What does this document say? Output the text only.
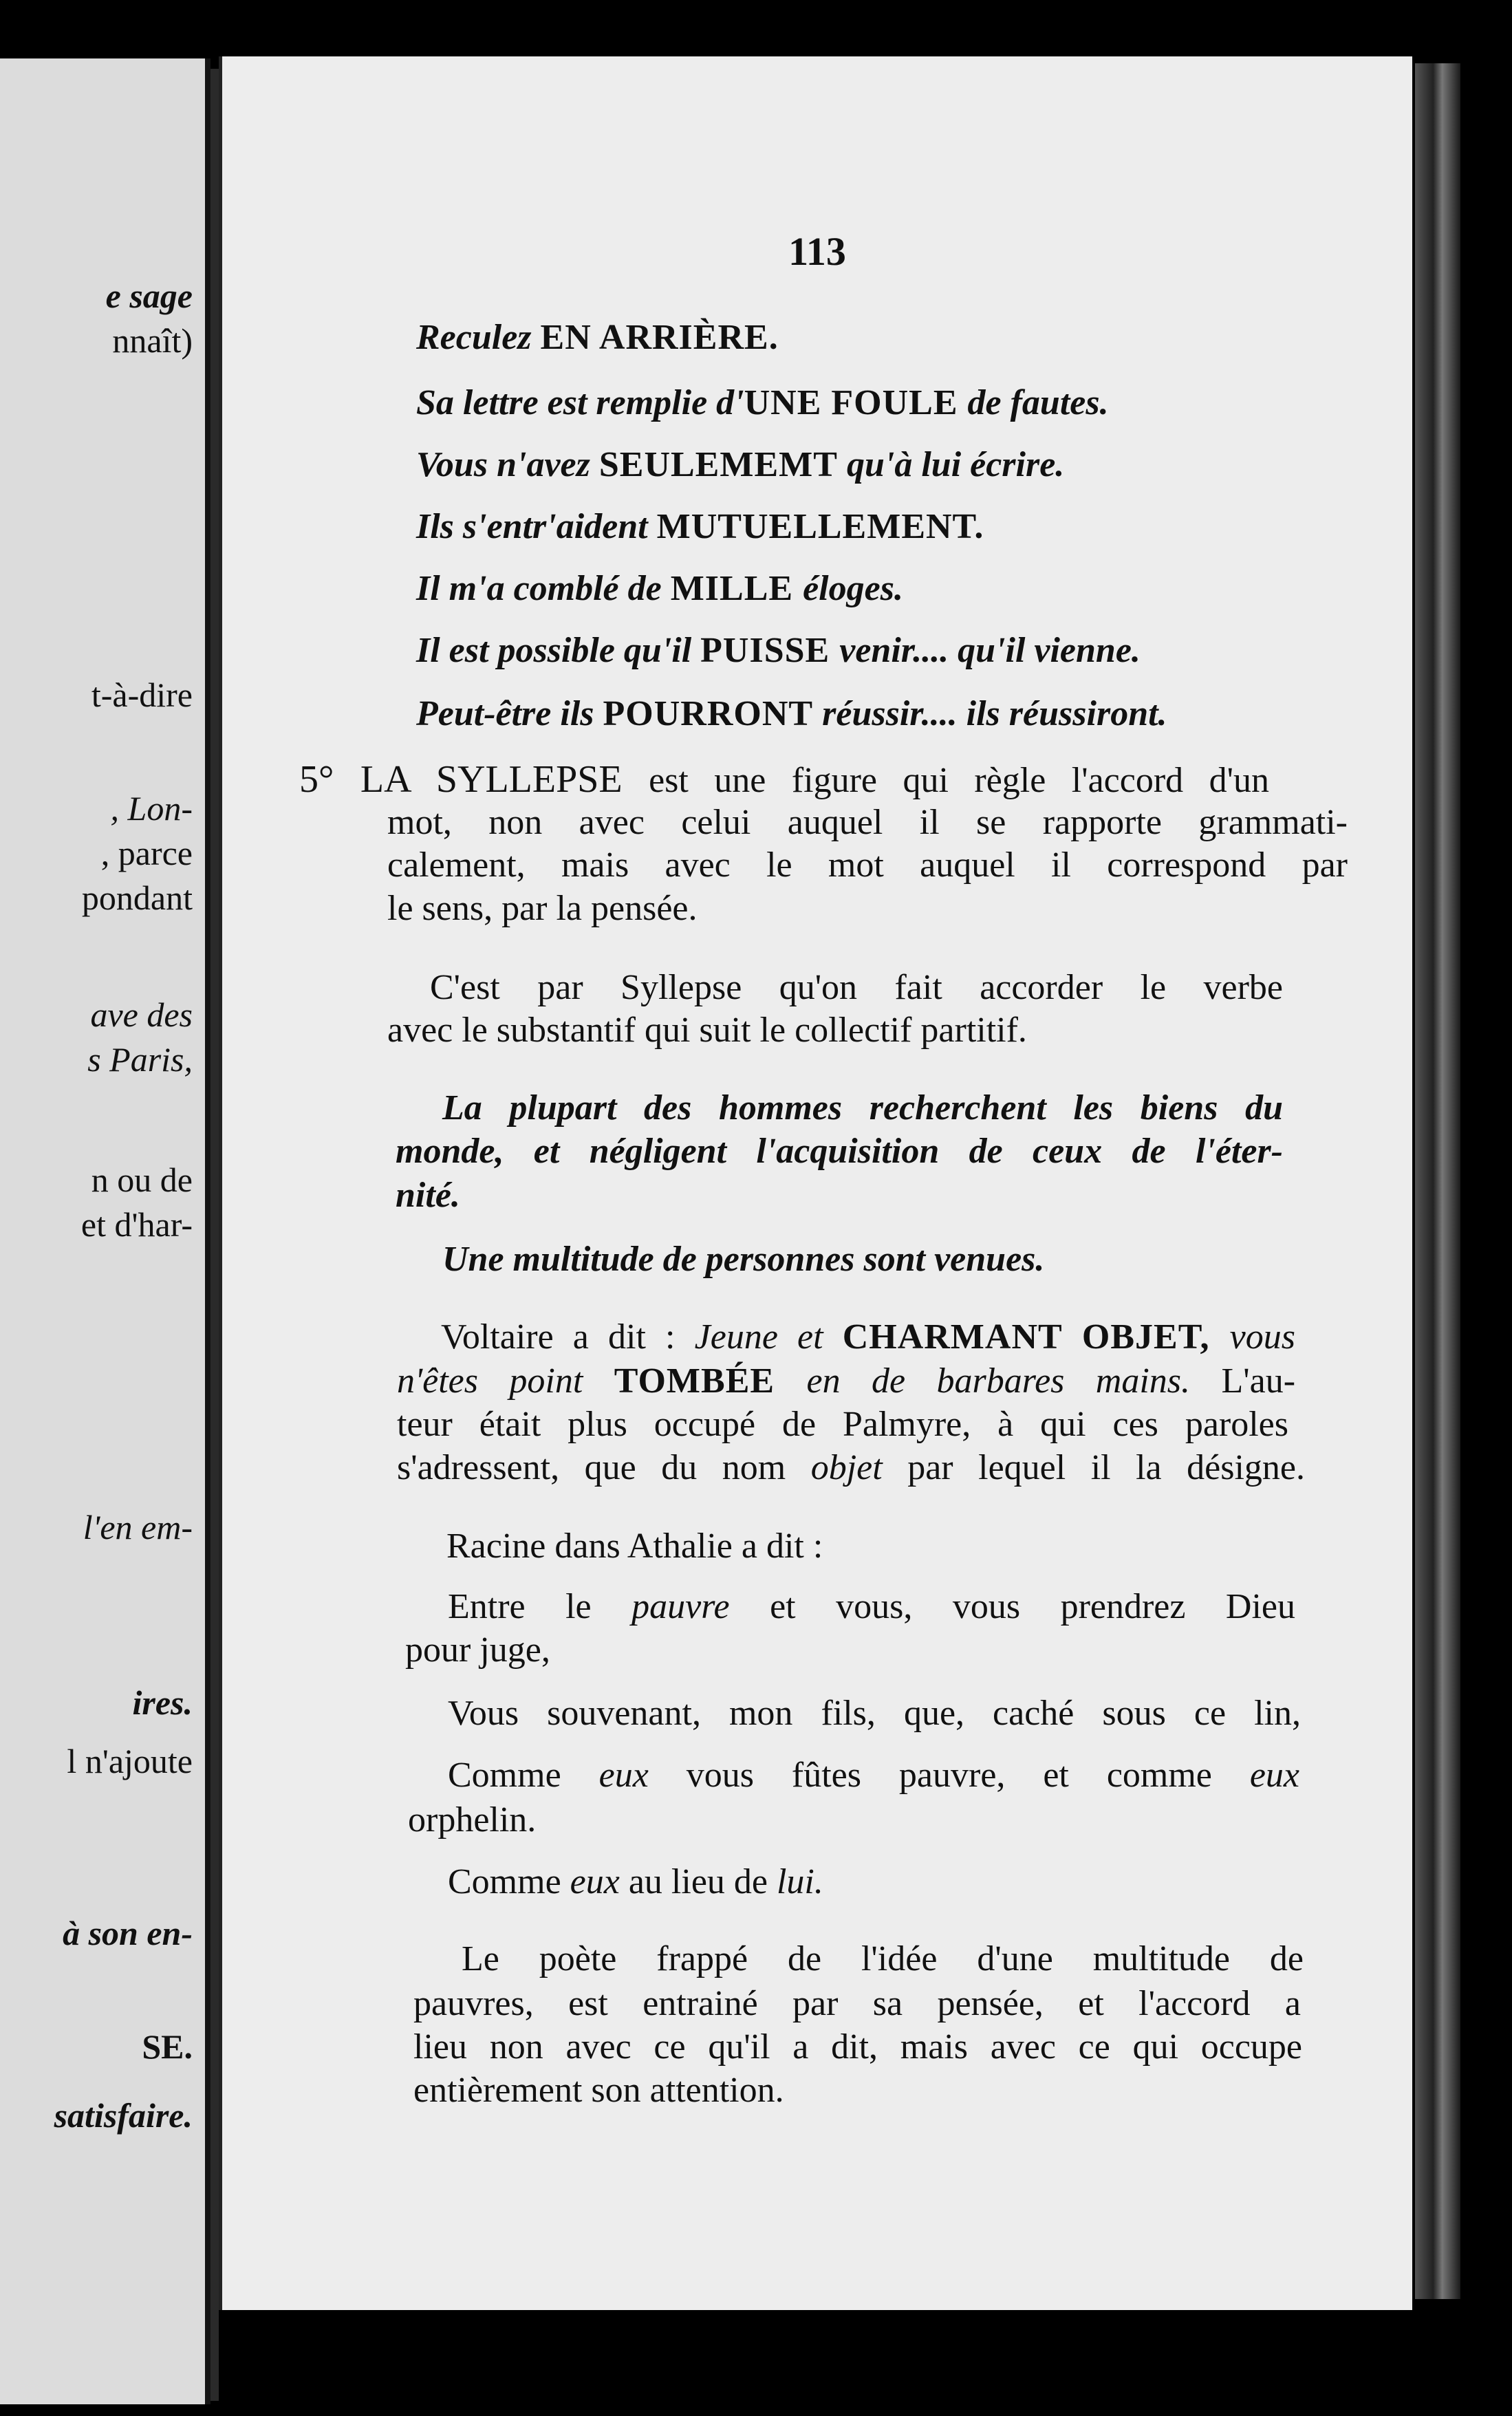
e sage
nnaît)
t-à-dire
, Lon-
, parce
pondant
ave des
s Paris,
n ou de
et d'har-
l'en em-
ires.
l n'ajoute
à son en-
SE.
satisfaire.
113
Reculez EN ARRIÈRE.
Sa lettre est remplie d'UNE FOULE de fautes.
Vous n'avez SEULEMEMT qu'à lui écrire.
Ils s'entr'aident MUTUELLEMENT.
Il m'a comblé de MILLE éloges.
Il est possible qu'il PUISSE venir.... qu'il vienne.
Peut-être ils POURRONT réussir.... ils réussiront.
5° LA SYLLEPSE est une figure qui règle l'accord d'un
mot, non avec celui auquel il se rapporte grammati-
calement, mais avec le mot auquel il correspond par
le sens, par la pensée.
C'est par Syllepse qu'on fait accorder le verbe
avec le substantif qui suit le collectif partitif.
La plupart des hommes recherchent les biens du
monde, et négligent l'acquisition de ceux de l'éter-
nité.
Une multitude de personnes sont venues.
Voltaire a dit : Jeune et CHARMANT OBJET, vous
n'êtes point TOMBÉE en de barbares mains. L'au-
teur était plus occupé de Palmyre, à qui ces paroles
s'adressent, que du nom objet par lequel il la désigne.
Racine dans Athalie a dit :
Entre le pauvre et vous, vous prendrez Dieu
pour juge,
Vous souvenant, mon fils, que, caché sous ce lin,
Comme eux vous fûtes pauvre, et comme eux
orphelin.
Comme eux au lieu de lui.
Le poète frappé de l'idée d'une multitude de
pauvres, est entrainé par sa pensée, et l'accord a
lieu non avec ce qu'il a dit, mais avec ce qui occupe
entièrement son attention.
